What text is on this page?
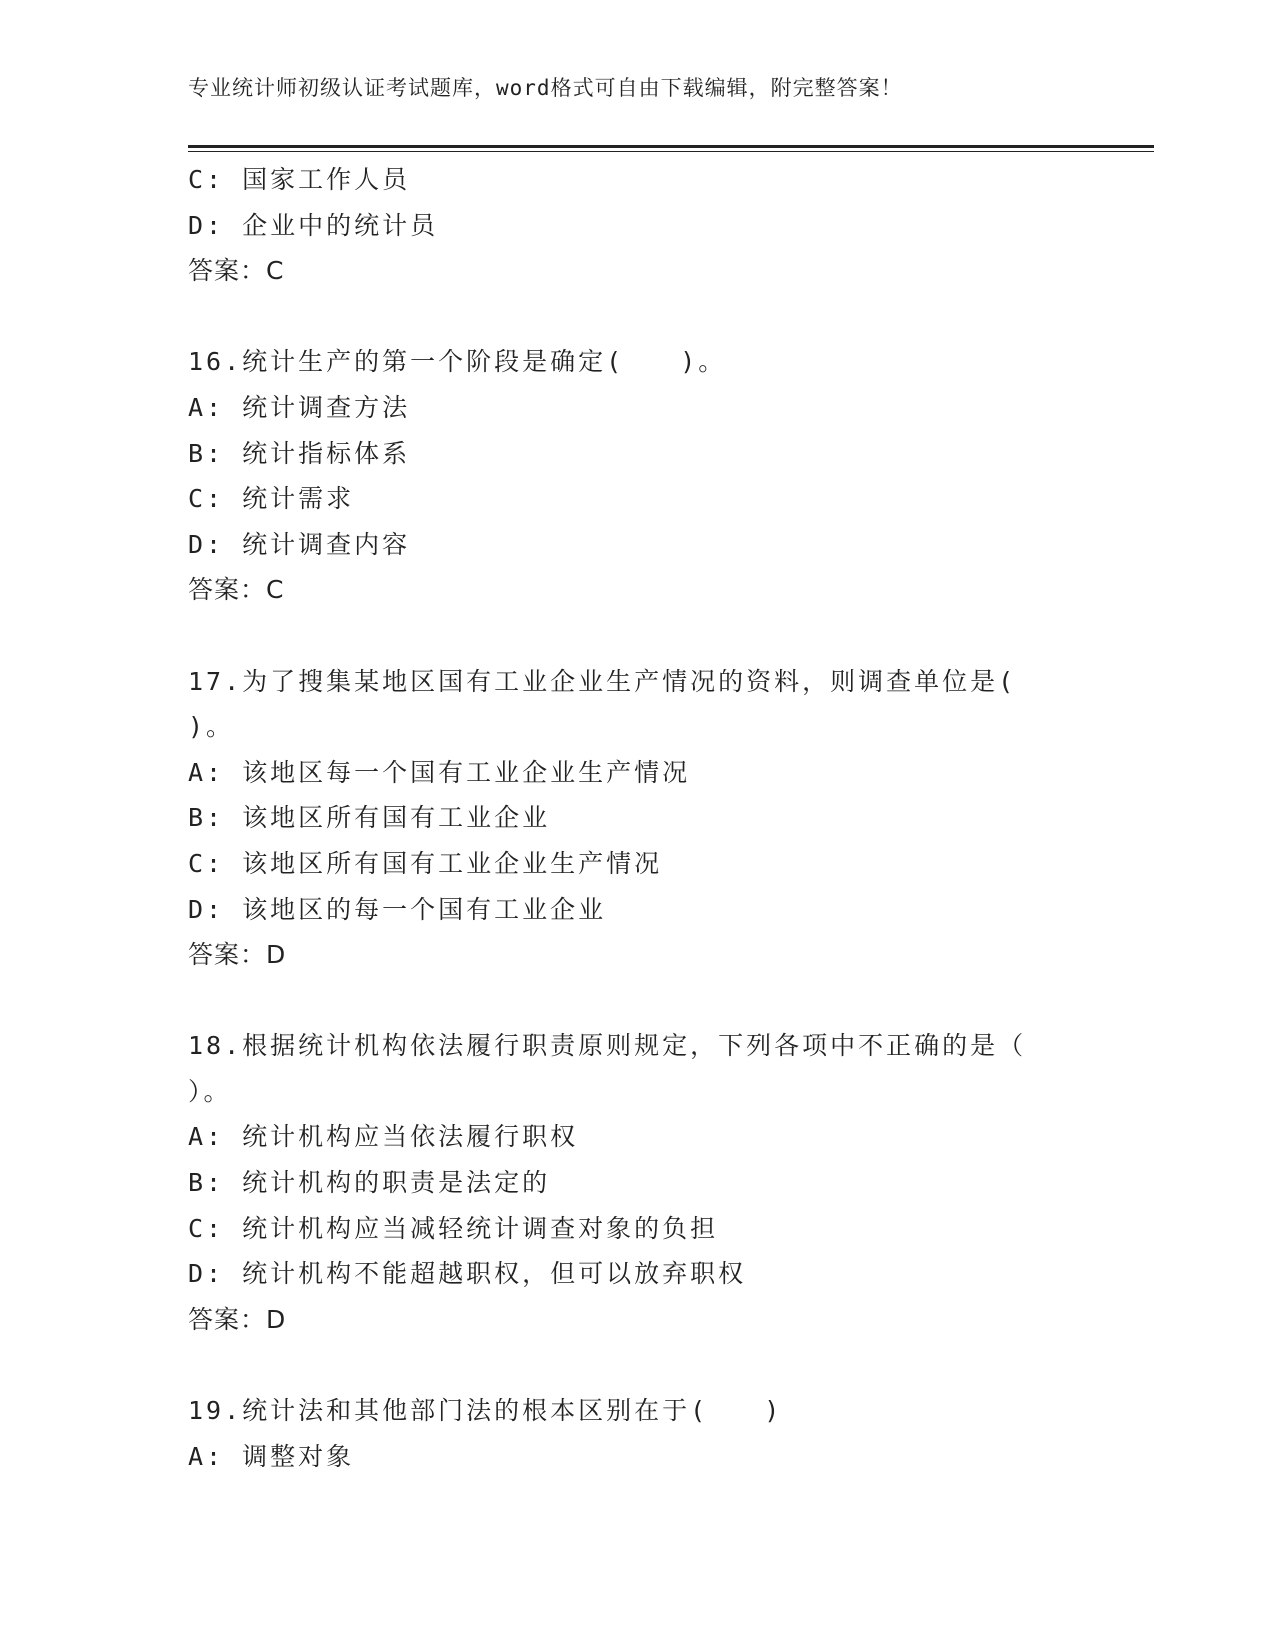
专业统计师初级认证考试题库，word格式可自由下载编辑，附完整答案！
C: 国家工作人员
D: 企业中的统计员
答案：C
16.统计生产的第一个阶段是确定(　　)。
A: 统计调查方法
B: 统计指标体系
C: 统计需求
D: 统计调查内容
答案：C
17.为了搜集某地区国有工业企业生产情况的资料，则调查单位是(
)。
A: 该地区每一个国有工业企业生产情况
B: 该地区所有国有工业企业
C: 该地区所有国有工业企业生产情况
D: 该地区的每一个国有工业企业
答案：D
18.根据统计机构依法履行职责原则规定，下列各项中不正确的是（
）。
A: 统计机构应当依法履行职权
B: 统计机构的职责是法定的
C: 统计机构应当减轻统计调查对象的负担
D: 统计机构不能超越职权，但可以放弃职权
答案：D
19.统计法和其他部门法的根本区别在于(　　)
A: 调整对象
